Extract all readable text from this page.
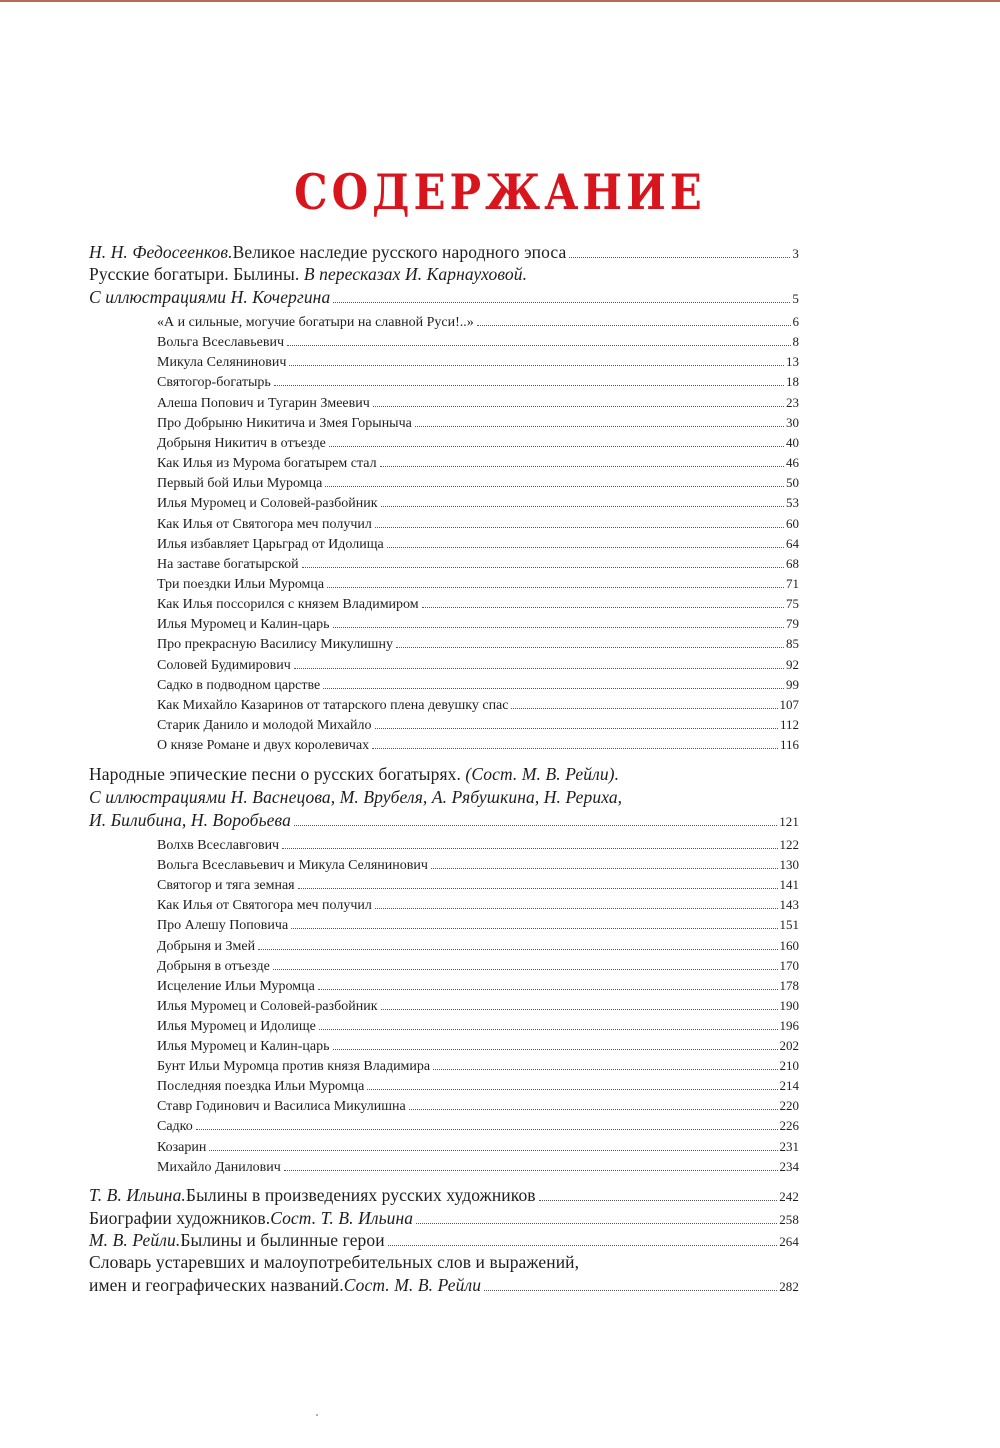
СОДЕРЖАНИЕ
Н. Н. Федосеенков. Великое наследие русского народного эпоса	3
Русские богатыри. Былины. В пересказах И. Карнауховой.
С иллюстрациями Н. Кочергина	5
«А и сильные, могучие богатыри на славной Руси!..»	6
Вольга Всеславьевич	8
Микула Селянинович	13
Святогор-богатырь	18
Алеша Попович и Тугарин Змеевич	23
Про Добрыню Никитича и Змея Горыныча	30
Добрыня Никитич в отъезде	40
Как Илья из Мурома богатырем стал	46
Первый бой Ильи Муромца	50
Илья Муромец и Соловей-разбойник	53
Как Илья от Святогора меч получил	60
Илья избавляет Царьград от Идолища	64
На заставе богатырской	68
Три поездки Ильи Муромца	71
Как Илья поссорился с князем Владимиром	75
Илья Муромец и Калин-царь	79
Про прекрасную Василису Микулишну	85
Соловей Будимирович	92
Садко в подводном царстве	99
Как Михайло Казаринов от татарского плена девушку спас	107
Старик Данило и молодой Михайло	112
О князе Романе и двух королевичах	116
Народные эпические песни о русских богатырях. (Сост. М. В. Рейли).
С иллюстрациями Н. Васнецова, М. Врубеля, А. Рябушкина, Н. Рериха,
И. Билибина, Н. Воробьева	121
Волхв Всеславгович	122
Вольга Всеславьевич и Микула Селянинович	130
Святогор и тяга земная	141
Как Илья от Святогора меч получил	143
Про Алешу Поповича	151
Добрыня и Змей	160
Добрыня в отъезде	170
Исцеление Ильи Муромца	178
Илья Муромец и Соловей-разбойник	190
Илья Муромец и Идолище	196
Илья Муромец и Калин-царь	202
Бунт Ильи Муромца против князя Владимира	210
Последняя поездка Ильи Муромца	214
Ставр Годинович и Василиса Микулишна	220
Садко	226
Козарин	231
Михайло Данилович	234
Т. В. Ильина. Былины в произведениях русских художников	242
Биографии художников. Сост. Т. В. Ильина	258
М. В. Рейли. Былины и былинные герои	264
Словарь устаревших и малоупотребительных слов и выражений,
имен и географических названий. Сост. М. В. Рейли	282
